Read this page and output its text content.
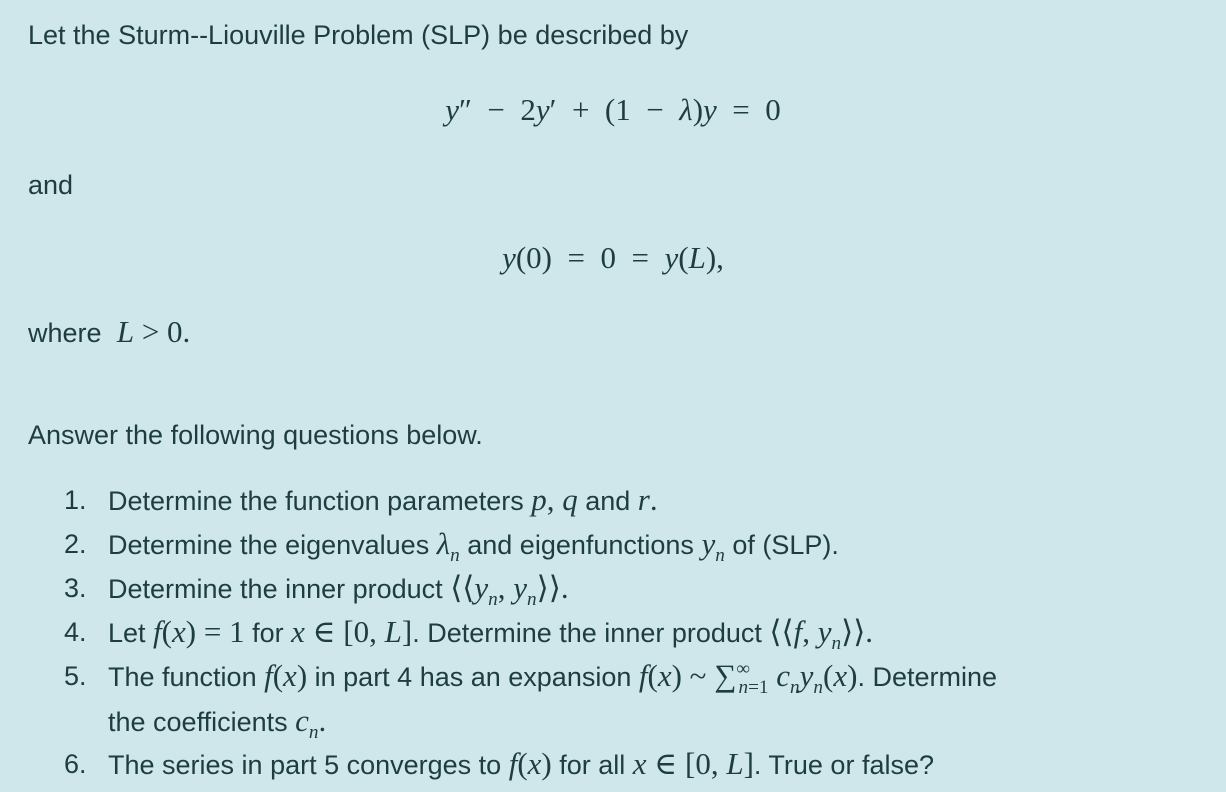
Let the Sturm--Liouville Problem (SLP) be described by
y″  −  2y′  +  (1  −  λ)y  =  0
and
y(0)  =  0  =  y(L),
where L > 0.
Answer the following questions below.
1. Determine the function parameters p, q and r.
2. Determine the eigenvalues $\lambda_n$ and eigenfunctions $y_n$ of (SLP).
3. Determine the inner product $⟨⟨y_n$, $y_n⟩⟩$.
4. Let f(x) = 1 for x ∈ [0, L]. Determine the inner product ⟨⟨f, $y_n⟩⟩$.
5. The function f(x) in part 4 has an expansion f(x) ~ $\sum^\infty_{n=1}$ $c_ny_n(x)$. Determine
the coefficients $c_n$.
6. The series in part 5 converges to f(x) for all x ∈ [0, L]. True or false?
